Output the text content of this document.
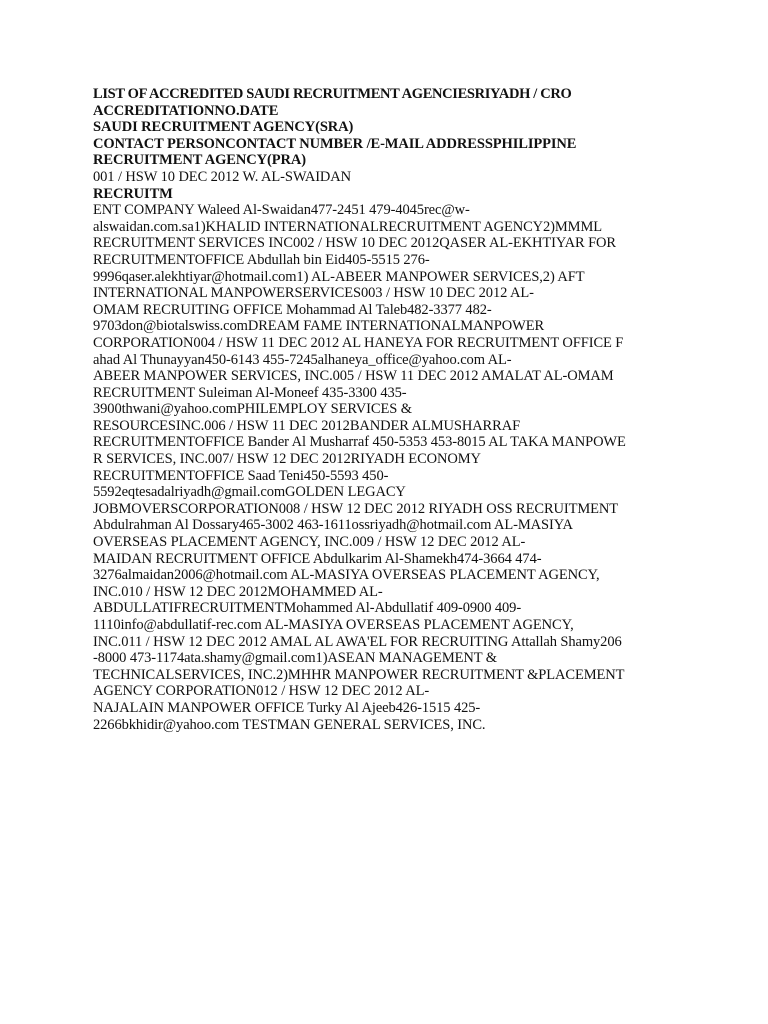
LIST OF ACCREDITED SAUDI RECRUITMENT AGENCIESRIYADH / CRO
ACCREDITATIONNO.DATE
SAUDI RECRUITMENT AGENCY(SRA)
CONTACT PERSONCONTACT NUMBER /E-MAIL ADDRESSPHILIPPINE
RECRUITMENT AGENCY(PRA)
001 / HSW 10 DEC 2012 W. AL-SWAIDAN
RECRUITM
ENT COMPANY Waleed Al-Swaidan477-2451 479-4045rec@w-
alswaidan.com.sa1)KHALID INTERNATIONALRECRUITMENT AGENCY2)MMML
RECRUITMENT SERVICES INC002 / HSW 10 DEC 2012QASER AL-EKHTIYAR FOR
RECRUITMENTOFFICE Abdullah bin Eid405-5515 276-
9996qaser.alekhtiyar@hotmail.com1) AL-ABEER MANPOWER SERVICES,2) AFT
INTERNATIONAL MANPOWERSERVICES003 / HSW 10 DEC 2012 AL-
OMAM RECRUITING OFFICE Mohammad Al Taleb482-3377 482-
9703don@biotalswiss.comDREAM FAME INTERNATIONALMANPOWER
CORPORATION004 / HSW 11 DEC 2012 AL HANEYA FOR RECRUITMENT OFFICE F
ahad Al Thunayyan450-6143 455-7245alhaneya_office@yahoo.com AL-
ABEER MANPOWER SERVICES, INC.005 / HSW 11 DEC 2012 AMALAT AL-OMAM
RECRUITMENT Suleiman Al-Moneef 435-3300 435-
3900thwani@yahoo.comPHILEMPLOY SERVICES &
RESOURCESINC.006 / HSW 11 DEC 2012BANDER ALMUSHARRAF
RECRUITMENTOFFICE Bander Al Musharraf 450-5353 453-8015 AL TAKA MANPOWE
R SERVICES, INC.007/ HSW 12 DEC 2012RIYADH ECONOMY
RECRUITMENTOFFICE Saad Teni450-5593 450-
5592eqtesadalriyadh@gmail.comGOLDEN LEGACY
JOBMOVERSCORPORATION008 / HSW 12 DEC 2012 RIYADH OSS RECRUITMENT
Abdulrahman Al Dossary465-3002 463-1611ossriyadh@hotmail.com AL-MASIYA
OVERSEAS PLACEMENT AGENCY, INC.009 / HSW 12 DEC 2012 AL-
MAIDAN RECRUITMENT OFFICE Abdulkarim Al-Shamekh474-3664 474-
3276almaidan2006@hotmail.com AL-MASIYA OVERSEAS PLACEMENT AGENCY,
INC.010 / HSW 12 DEC 2012MOHAMMED AL-
ABDULLATIFRECRUITMENTMohammed Al-Abdullatif 409-0900 409-
1110info@abdullatif-rec.com AL-MASIYA OVERSEAS PLACEMENT AGENCY,
INC.011 / HSW 12 DEC 2012 AMAL AL AWA'EL FOR RECRUITING Attallah Shamy206
-8000 473-1174ata.shamy@gmail.com1)ASEAN MANAGEMENT &
TECHNICALSERVICES, INC.2)MHHR MANPOWER RECRUITMENT &PLACEMENT
AGENCY CORPORATION012 / HSW 12 DEC 2012 AL-
NAJALAIN MANPOWER OFFICE Turky Al Ajeeb426-1515 425-
2266bkhidir@yahoo.com TESTMAN GENERAL SERVICES, INC.
